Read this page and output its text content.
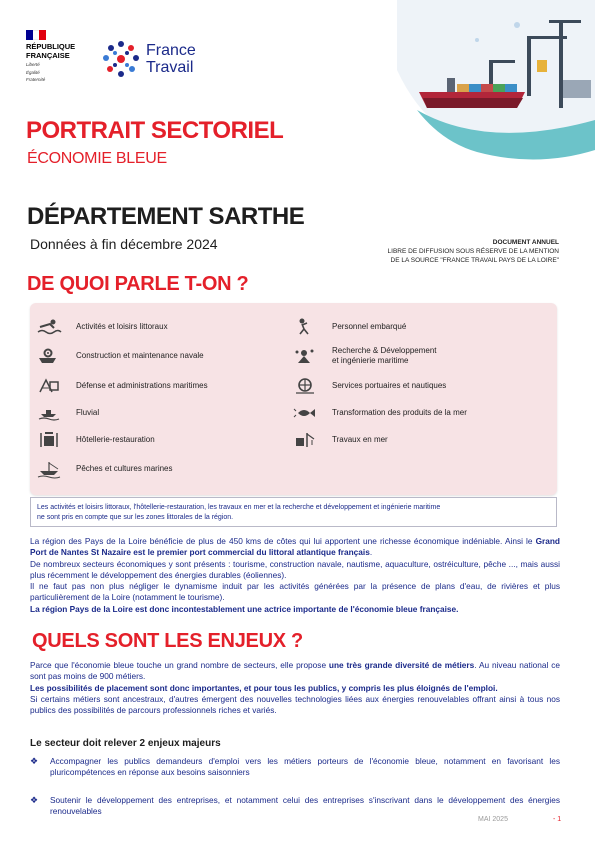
RÉPUBLIQUE
FRANÇAISE
Liberté
Égalité
Fraternité
France
Travail
PORTRAIT SECTORIEL
ÉCONOMIE BLEUE
DÉPARTEMENT SARTHE
Données à fin décembre 2024	DOCUMENT ANNUEL
LIBRE DE DIFFUSION SOUS RÉSERVE DE LA MENTION
DE LA SOURCE "FRANCE TRAVAIL PAYS DE LA LOIRE"
DE QUOI PARLE T-ON ?
Activités et loisirs littoraux
Construction et maintenance navale
Défense et administrations maritimes
Fluvial
Hôtellerie-restauration
Pêches et cultures marines
Personnel embarqué
Recherche & Développement
et ingénierie maritime
Services portuaires et nautiques
Transformation des produits de la mer
Travaux en mer
Les activités et loisirs littoraux, l'hôtellerie-restauration, les travaux en mer et la recherche et développement et ingénierie maritime
ne sont pris en compte que sur les zones littorales de la région.
La région des Pays de la Loire bénéficie de plus de 450 kms de côtes qui lui apportent une richesse économique indéniable. Ainsi le Grand Port de Nantes St Nazaire est le premier port commercial du littoral atlantique français.
De nombreux secteurs économiques y sont présents : tourisme, construction navale, nautisme, aquaculture, ostréiculture, pêche ..., mais aussi plus récemment le développement des énergies durables (éoliennes).
Il ne faut pas non plus négliger le dynamisme induit par les activités générées par la présence de plans d'eau, de rivières et plus particulièrement de la Loire (notamment le tourisme).
La région Pays de la Loire est donc incontestablement une actrice importante de l'économie bleue française.
QUELS SONT LES ENJEUX ?
Parce que l'économie bleue touche un grand nombre de secteurs, elle propose une très grande diversité de métiers. Au niveau national ce sont pas moins de 900 métiers.
Les possibilités de placement sont donc importantes, et pour tous les publics, y compris les plus éloignés de l'emploi.
Si certains métiers sont ancestraux, d'autres émergent des nouvelles technologies liées aux énergies renouvelables offrant ainsi à tous nos publics des possibilités de parcours professionnels riches et variés.
Le secteur doit relever 2 enjeux majeurs
❖	Accompagner les publics demandeurs d'emploi vers les métiers porteurs de l'économie bleue, notamment en favorisant les pluricompétences en réponse aux besoins saisonniers
❖	Soutenir le développement des entreprises, et notamment celui des entreprises s'inscrivant dans le développement des énergies renouvelables
MAI 2025	- 1
